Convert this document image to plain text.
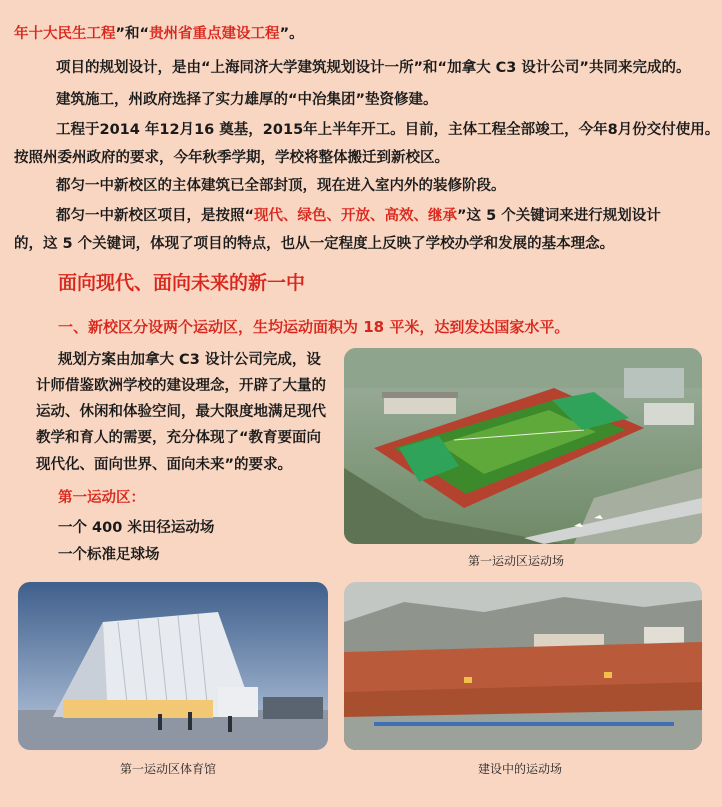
年十大民生工程”和“贵州省重点建设工程”。
项目的规划设计，是由“上海同济大学建筑规划设计一所”和“加拿大 C3 设计公司”共同来完成的。
建筑施工，州政府选择了实力雄厚的“中冶集团”垫资修建。
工程于2014 年12月16 奠基，2015年上半年开工。目前，主体工程全部竣工，今年8月份交付使用。
按照州委州政府的要求，今年秋季学期，学校将整体搬迁到新校区。
都匀一中新校区的主体建筑已全部封顶，现在进入室内外的装修阶段。
都匀一中新校区项目，是按照“现代、绿色、开放、高效、继承”这 5 个关键词来进行规划设计
的，这 5 个关键词，体现了项目的特点，也从一定程度上反映了学校办学和发展的基本理念。
面向现代、面向未来的新一中
一、新校区分设两个运动区，生均运动面积为 18 平米，达到发达国家水平。
规划方案由加拿大 C3 设计公司完成，设
计师借鉴欧洲学校的建设理念，开辟了大量的
运动、休闲和体验空间，最大限度地满足现代
教学和育人的需要，充分体现了“教育要面向
现代化、面向世界、面向未来”的要求。
第一运动区：
一个 400 米田径运动场
一个标准足球场	第一运动区运动场
第一运动区体育馆	建设中的运动场
